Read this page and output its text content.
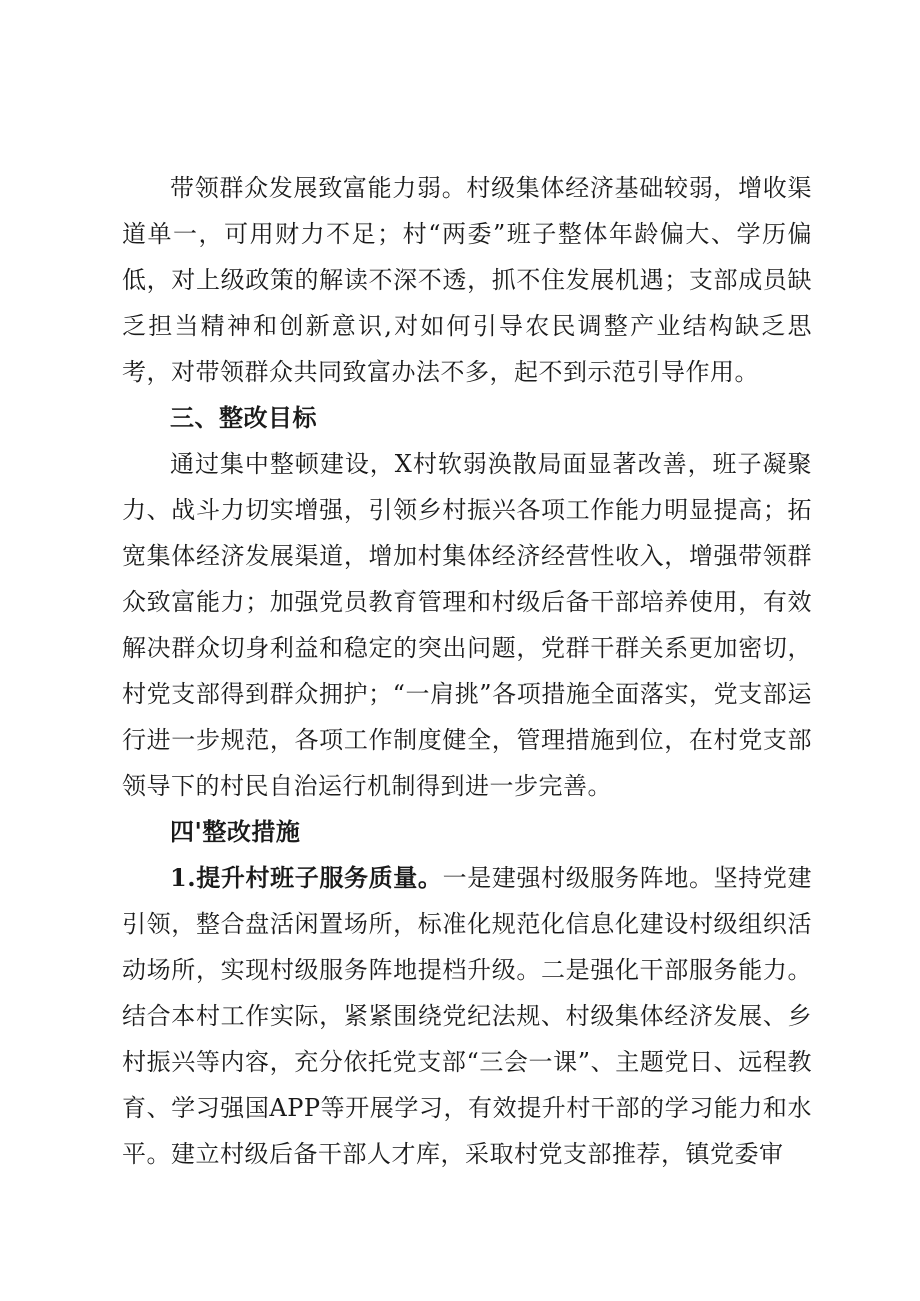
带领群众发展致富能力弱。村级集体经济基础较弱，增收渠道单一，可用财力不足；村“两委”班子整体年龄偏大、学历偏低，对上级政策的解读不深不透，抓不住发展机遇；支部成员缺乏担当精神和创新意识,对如何引导农民调整产业结构缺乏思考，对带领群众共同致富办法不多，起不到示范引导作用。

三、整改目标

通过集中整顿建设，X村软弱涣散局面显著改善，班子凝聚力、战斗力切实增强，引领乡村振兴各项工作能力明显提高；拓宽集体经济发展渠道，增加村集体经济经营性收入，增强带领群众致富能力；加强党员教育管理和村级后备干部培养使用，有效解决群众切身利益和稳定的突出问题，党群干群关系更加密切，村党支部得到群众拥护；“一肩挑”各项措施全面落实，党支部运行进一步规范，各项工作制度健全，管理措施到位，在村党支部领导下的村民自治运行机制得到进一步完善。

四'整改措施

1.提升村班子服务质量。一是建强村级服务阵地。坚持党建引领，整合盘活闲置场所，标准化规范化信息化建设村级组织活动场所，实现村级服务阵地提档升级。二是强化干部服务能力。结合本村工作实际，紧紧围绕党纪法规、村级集体经济发展、乡村振兴等内容，充分依托党支部“三会一课”、主题党日、远程教育、学习强国APP等开展学习，有效提升村干部的学习能力和水平。建立村级后备干部人才库，采取村党支部推荐，镇党委审
